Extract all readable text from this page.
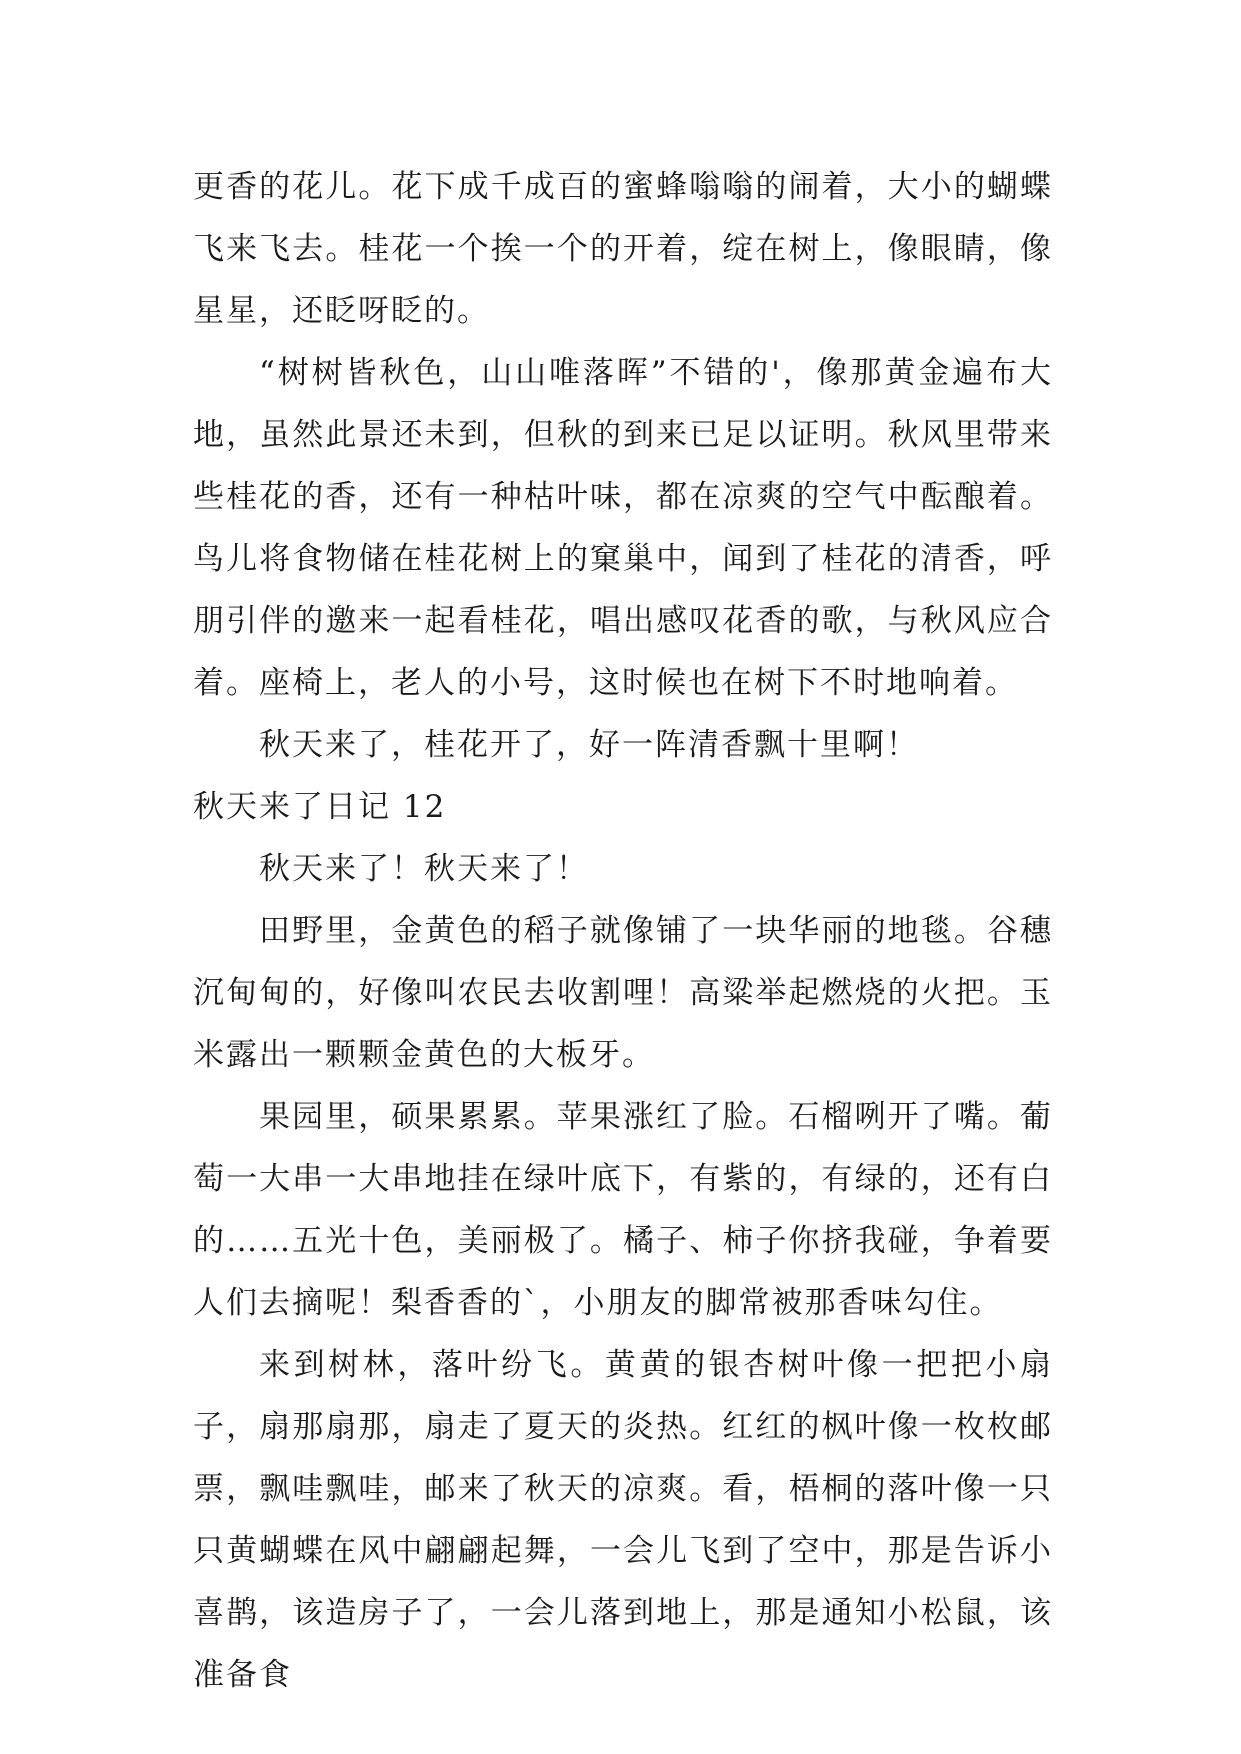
更香的花儿。花下成千成百的蜜蜂嗡嗡的闹着，大小的蝴蝶飞来飞去。桂花一个挨一个的开着，绽在树上，像眼睛，像星星，还眨呀眨的。

“树树皆秋色，山山唯落晖”不错的'，像那黄金遍布大地，虽然此景还未到，但秋的到来已足以证明。秋风里带来些桂花的香，还有一种枯叶味，都在凉爽的空气中酝酿着。鸟儿将食物储在桂花树上的窠巢中，闻到了桂花的清香，呼朋引伴的邀来一起看桂花，唱出感叹花香的歌，与秋风应合着。座椅上，老人的小号，这时候也在树下不时地响着。

秋天来了，桂花开了，好一阵清香飘十里啊！

秋天来了日记 12

秋天来了！秋天来了！

田野里，金黄色的稻子就像铺了一块华丽的地毯。谷穗沉甸甸的，好像叫农民去收割哩！高粱举起燃烧的火把。玉米露出一颗颗金黄色的大板牙。

果园里，硕果累累。苹果涨红了脸。石榴咧开了嘴。葡萄一大串一大串地挂在绿叶底下，有紫的，有绿的，还有白的……五光十色，美丽极了。橘子、柿子你挤我碰，争着要人们去摘呢！梨香香的`，小朋友的脚常被那香味勾住。

来到树林，落叶纷飞。黄黄的银杏树叶像一把把小扇子，扇那扇那，扇走了夏天的炎热。红红的枫叶像一枚枚邮票，飘哇飘哇，邮来了秋天的凉爽。看，梧桐的落叶像一只只黄蝴蝶在风中翩翩起舞，一会儿飞到了空中，那是告诉小喜鹊，该造房子了，一会儿落到地上，那是通知小松鼠，该准备食
